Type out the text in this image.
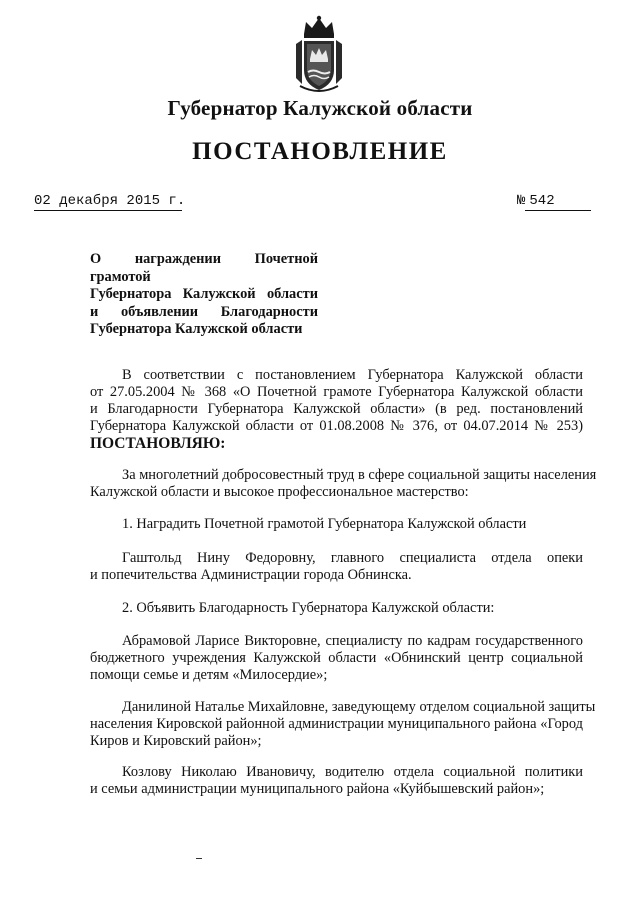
Губернатор Калужской области
ПОСТАНОВЛЕНИЕ
02 декабря 2015 г.	№ 542
О награждении Почетной грамотой
Губернатора Калужской области
и объявлении Благодарности
Губернатора Калужской области
В соответствии с постановлением Губернатора Калужской области
от 27.05.2004 № 368 «О Почетной грамоте Губернатора Калужской области
и Благодарности Губернатора Калужской области» (в ред. постановлений
Губернатора Калужской области от 01.08.2008 № 376, от 04.07.2014 № 253)
ПОСТАНОВЛЯЮ:
За многолетний добросовестный труд в сфере социальной защиты населения
Калужской области и высокое профессиональное мастерство:
1. Наградить Почетной грамотой Губернатора Калужской области
Гаштольд Нину Федоровну, главного специалиста отдела опеки
и попечительства Администрации города Обнинска.
2. Объявить Благодарность Губернатора Калужской области:
Абрамовой Ларисе Викторовне, специалисту по кадрам государственного
бюджетного учреждения Калужской области «Обнинский центр социальной
помощи семье и детям «Милосердие»;
Данилиной Наталье Михайловне, заведующему отделом социальной защиты
населения Кировской районной администрации муниципального района «Город
Киров и Кировский район»;
Козлову Николаю Ивановичу, водителю отдела социальной политики
и семьи администрации муниципального района «Куйбышевский район»;
